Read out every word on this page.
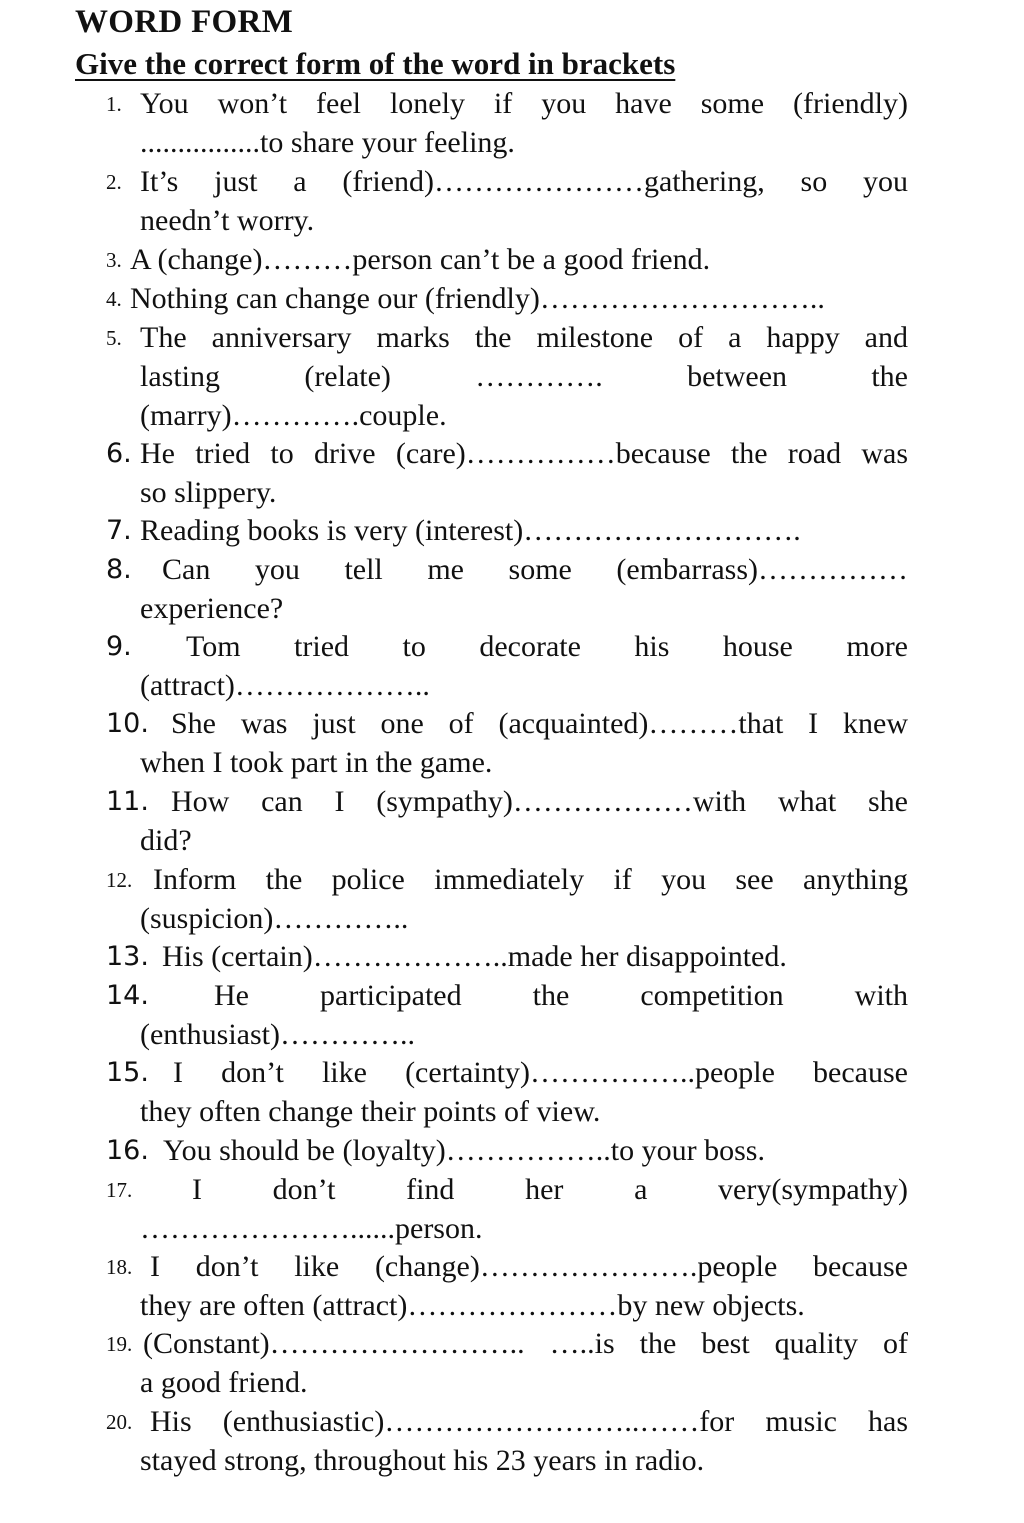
WORD FORM
Give the correct form of the word in brackets
1. You won’t feel lonely if you have some (friendly)
................to share your feeling.
2. It’s just a (friend)…………………gathering, so you
needn’t worry.
3. A (change)………person can’t be a good friend.
4. Nothing can change our (friendly)………………………..
5. The anniversary marks the milestone of a happy and
lasting (relate) …………. between the
(marry)………….couple.
6. He tried to drive (care)……………because the road was
so slippery.
7. Reading books is very (interest)……………………….
8. Can you tell me some (embarrass)……………
experience?
9. Tom tried to decorate his house more
(attract)………………..
10. She was just one of (acquainted)………that I knew
when I took part in the game.
11. How can I (sympathy)………………with what she
did?
12. Inform the police immediately if you see anything
(suspicion)…………..
13. His (certain)………………..made her disappointed.
14. He participated the competition with
(enthusiast)…………..
15. I don’t like (certainty)……………..people because
they often change their points of view.
16. You should be (loyalty)……………..to your boss.
17. I don’t find her a very(sympathy)
…………………......person.
18. I don’t like (change)………………….people because
they are often (attract)…………………by new objects.
19. (Constant)…………………….. …..is the best quality of
a good friend.
20. His (enthusiastic)……………………..……for music has
stayed strong, throughout his 23 years in radio.
